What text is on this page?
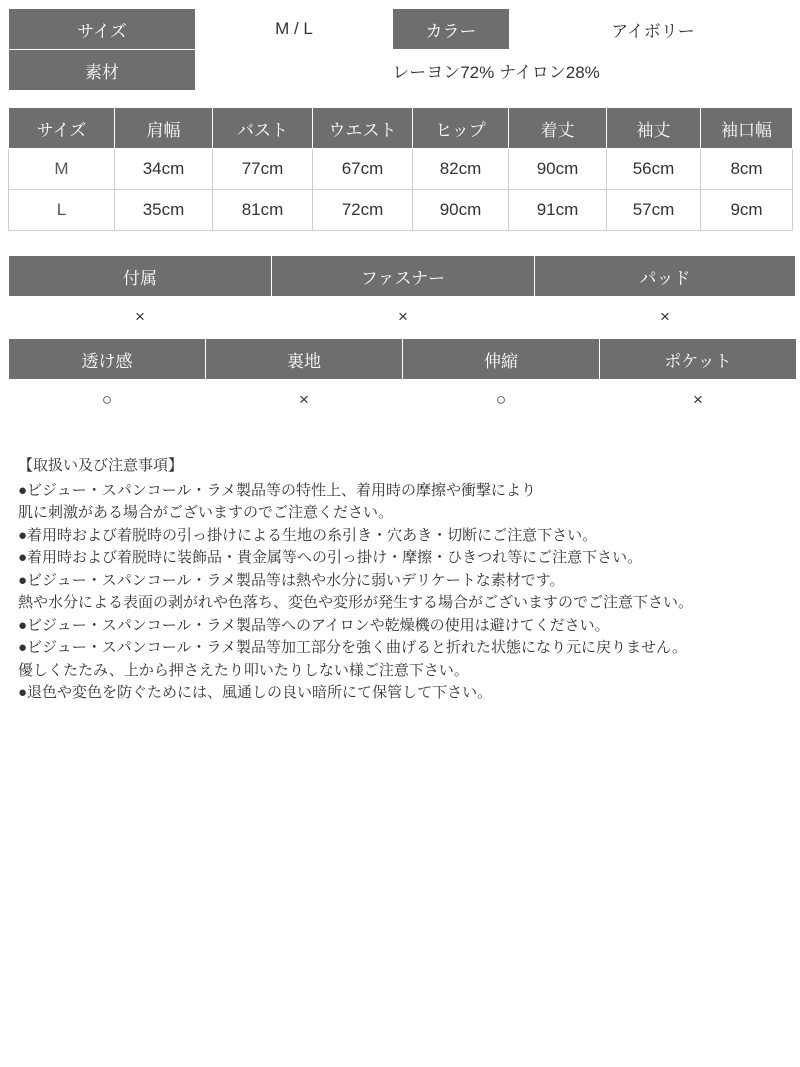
サイズ	M / L	カラー	アイボリー
素材	レーヨン72% ナイロン28%		
サイズ	肩幅	バスト	ウエスト	ヒップ	着丈	袖丈	袖口幅
M	34cm	77cm	67cm	82cm	90cm	56cm	8cm
L	35cm	81cm	72cm	90cm	91cm	57cm	9cm
付属	ファスナー	パッド
×	×	×
透け感	裏地	伸縮	ポケット
○	×	○	×

【取扱い及び注意事項】

●ビジュー・スパンコール・ラメ製品等の特性上、着用時の摩擦や衝撃により

肌に刺激がある場合がございますのでご注意ください。

●着用時および着脱時の引っ掛けによる生地の糸引き・穴あき・切断にご注意下さい。

●着用時および着脱時に装飾品・貴金属等への引っ掛け・摩擦・ひきつれ等にご注意下さい。

●ビジュー・スパンコール・ラメ製品等は熱や水分に弱いデリケートな素材です。

熱や水分による表面の剥がれや色落ち、変色や変形が発生する場合がございますのでご注意下さい。

●ビジュー・スパンコール・ラメ製品等へのアイロンや乾燥機の使用は避けてください。

●ビジュー・スパンコール・ラメ製品等加工部分を強く曲げると折れた状態になり元に戻りません。

優しくたたみ、上から押さえたり叩いたりしない様ご注意下さい。

●退色や変色を防ぐためには、風通しの良い暗所にて保管して下さい。
